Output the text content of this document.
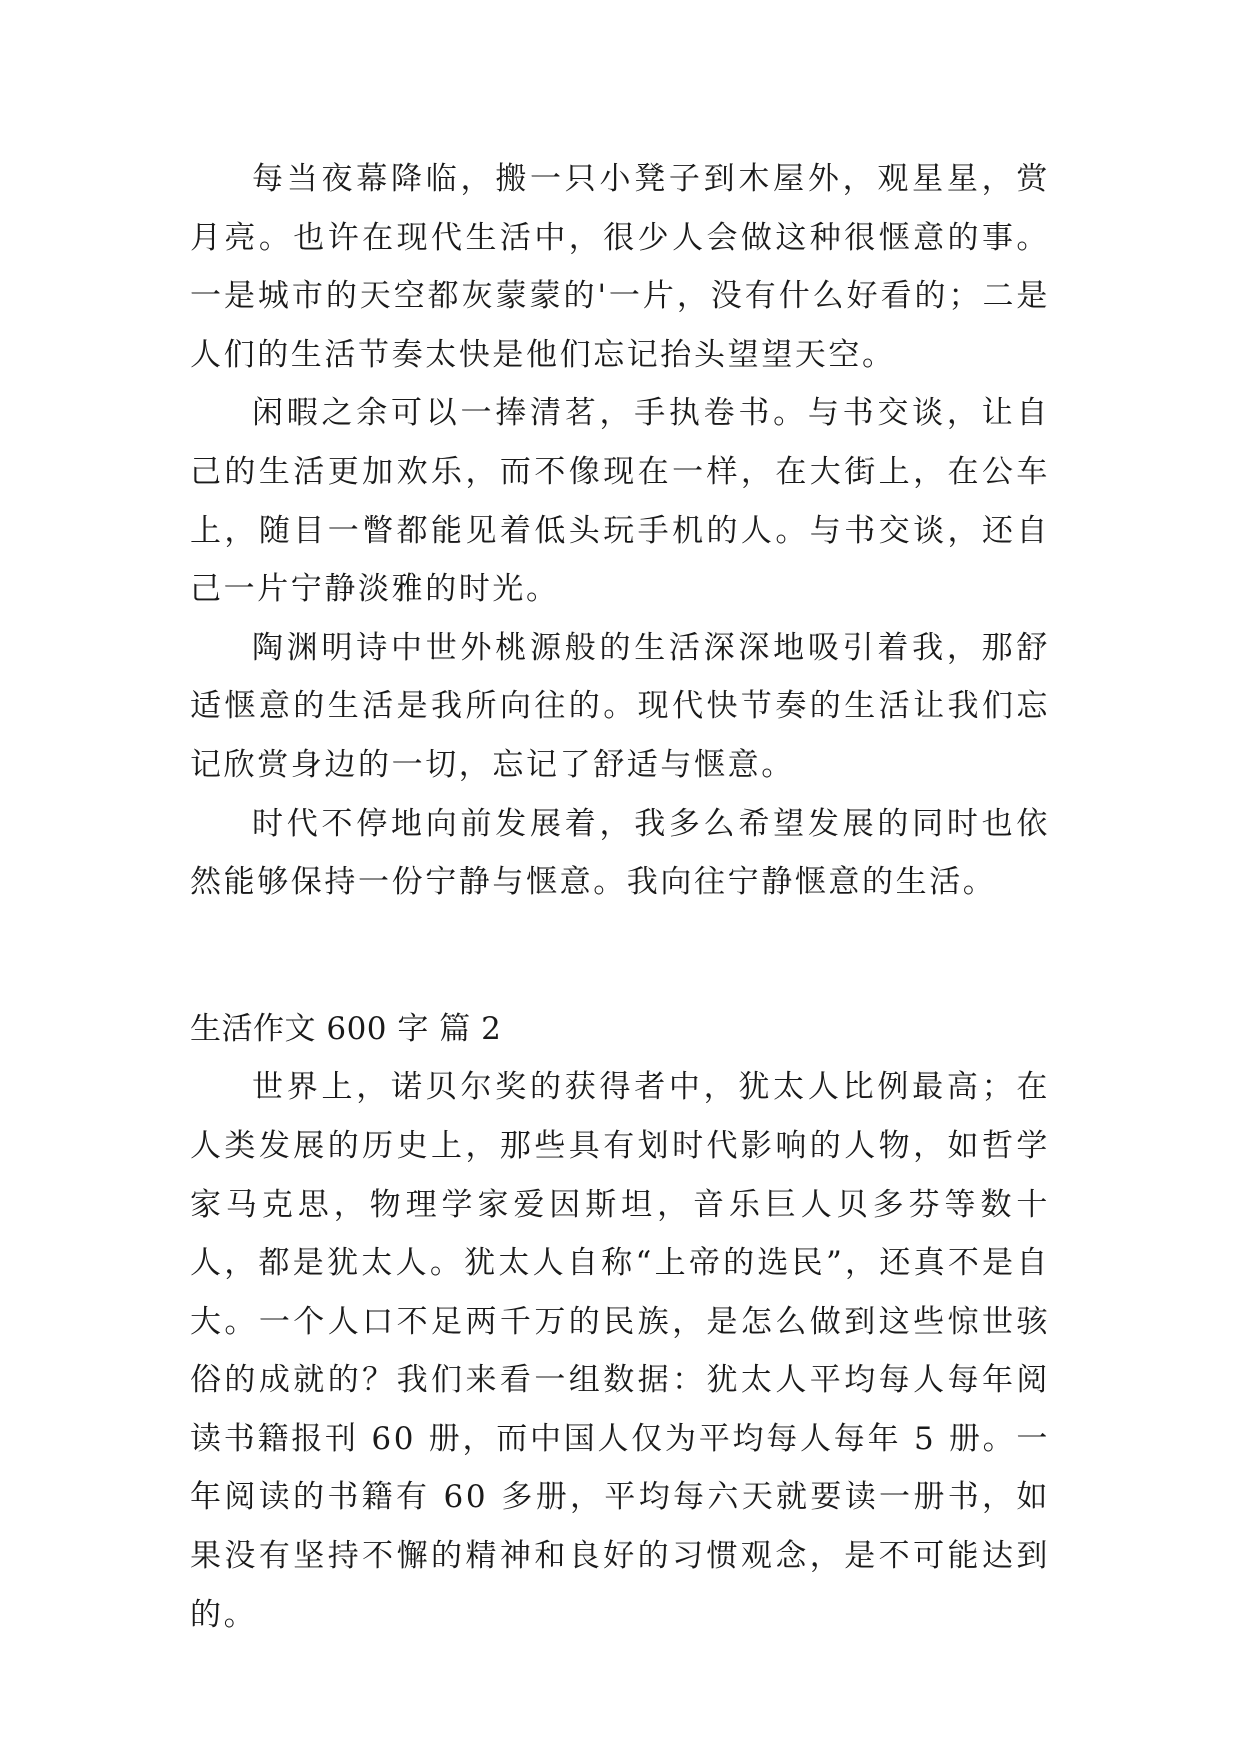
每当夜幕降临，搬一只小凳子到木屋外，观星星，赏月亮。也许在现代生活中，很少人会做这种很惬意的事。一是城市的天空都灰蒙蒙的'一片，没有什么好看的；二是人们的生活节奏太快是他们忘记抬头望望天空。

闲暇之余可以一捧清茗，手执卷书。与书交谈，让自己的生活更加欢乐，而不像现在一样，在大街上，在公车上，随目一瞥都能见着低头玩手机的人。与书交谈，还自己一片宁静淡雅的时光。

陶渊明诗中世外桃源般的生活深深地吸引着我，那舒适惬意的生活是我所向往的。现代快节奏的生活让我们忘记欣赏身边的一切，忘记了舒适与惬意。

时代不停地向前发展着，我多么希望发展的同时也依然能够保持一份宁静与惬意。我向往宁静惬意的生活。

生活作文 600 字 篇 2

世界上，诺贝尔奖的获得者中，犹太人比例最高；在人类发展的历史上，那些具有划时代影响的人物，如哲学家马克思，物理学家爱因斯坦，音乐巨人贝多芬等数十人，都是犹太人。犹太人自称“上帝的选民”，还真不是自大。一个人口不足两千万的民族，是怎么做到这些惊世骇俗的成就的？我们来看一组数据：犹太人平均每人每年阅读书籍报刊 60 册，而中国人仅为平均每人每年 5 册。一年阅读的书籍有 60 多册，平均每六天就要读一册书，如果没有坚持不懈的精神和良好的习惯观念，是不可能达到的。
